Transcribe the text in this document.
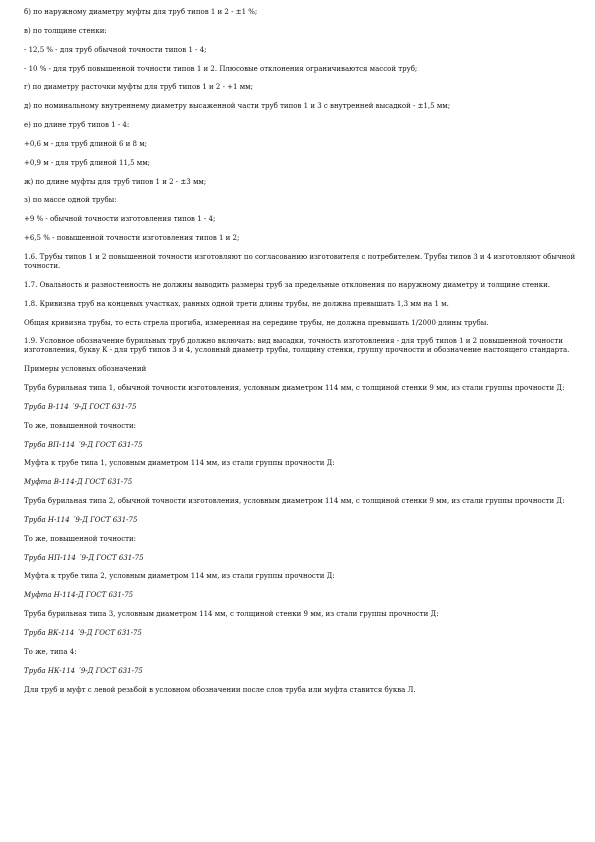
б) по наружному диаметру муфты для труб типов 1 и 2 - ±1 %;

в) по толщине стенки:

- 12,5 % - для труб обычной точности типов 1 - 4;

- 10 % - для труб повышенной точности типов 1 и 2. Плюсовые отклонения ограничиваются массой труб;

г) по диаметру расточки муфты для труб типов 1 и 2 - +1 мм;

д) по номинальному внутреннему диаметру высаженной части труб типов 1 и 3 с внутренней высадкой - ±1,5 мм;

е) по длине труб типов 1 - 4:

+0,6 м - для труб длиной 6 и 8 м;

+0,9 м - для труб длиной 11,5 мм;

ж) по длине муфты для труб типов 1 и 2 - ±3 мм;

з) по массе одной трубы:

+9 % - обычной точности изготовления типов 1 - 4;

+6,5 % - повышенной точности изготовления типов 1 и 2;

1.6. Трубы типов 1 и 2 повышенной точности изготовляют по согласованию изготовителя с потребителем. Трубы типов 3 и 4 изготовляют обычной точности.

1.7. Овальность и разностенность не должны выводить размеры труб за предельные отклонения по наружному диаметру и толщине стенки.

1.8. Кривизна труб на концевых участках, равных одной трети длины трубы, не должна превышать 1,3 мм на 1 м.

Общая кривизна трубы, то есть стрела прогиба, измеренная на середине трубы, не должна превышать 1/2000 длины трубы.

1.9. Условное обозначение бурильных труб должно включать: вид высадки, точность изготовления - для труб типов 1 и 2 повышенной точности изготовления, букву К - для труб типов 3 и 4, условный диаметр трубы, толщину стенки, группу прочности и обозначение настоящего стандарта.

Примеры условных обозначений

Труба бурильная типа 1, обычной точности изготовления, условным диаметром 114 мм, с толщиной стенки 9 мм, из стали группы прочности Д:

Труба В-114 ´9-Д ГОСТ 631-75

То же, повышенной точности:

Труба ВП-114 ´9-Д ГОСТ 631-75

Муфта к трубе типа 1, условным диаметром 114 мм, из стали группы прочности Д:

Муфта В-114-Д ГОСТ 631-75

Труба бурильная типа 2, обычной точности изготовления, условным диаметром 114 мм, с толщиной стенки 9 мм, из стали группы прочности Д:

Труба Н-114 ´9-Д ГОСТ 631-75

То же, повышенной точности:

Труба НП-114 ´9-Д ГОСТ 631-75

Муфта к трубе типа 2, условным диаметром 114 мм, из стали группы прочности Д:

Муфта Н-114-Д ГОСТ 631-75

Труба бурильная типа 3, условным диаметром 114 мм, с толщиной стенки 9 мм, из стали группы прочности Д:

Труба ВК-114 ´9-Д ГОСТ 631-75

То же, типа 4:

Труба НК-114 ´9-Д ГОСТ 631-75

Для труб и муфт с левой резьбой в условном обозначении после слов труба или муфта ставится буква Л.
